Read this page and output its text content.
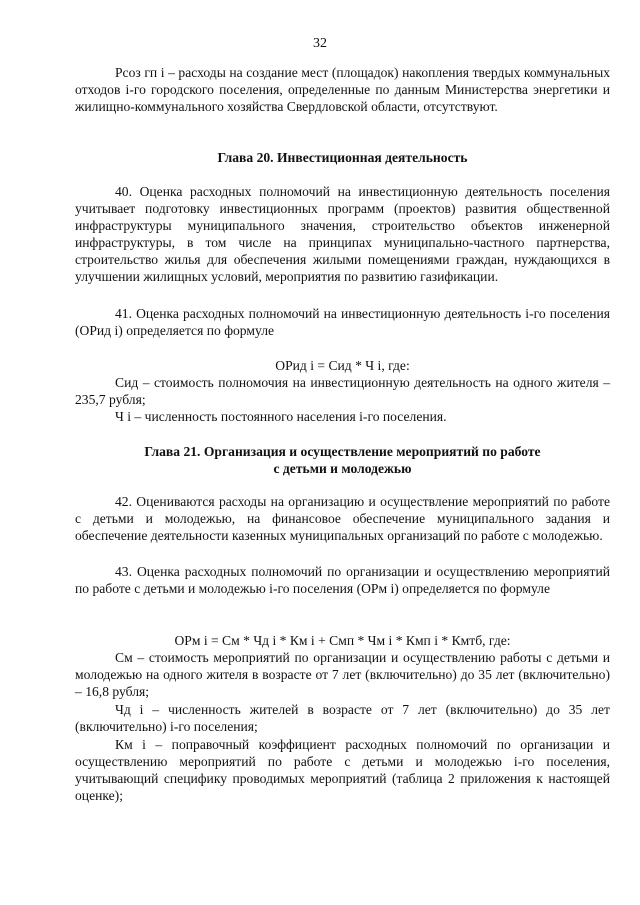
32
Рсоз гп i – расходы на создание мест (площадок) накопления твердых коммунальных отходов i-го городского поселения, определенные по данным Министерства энергетики и жилищно-коммунального хозяйства Свердловской области, отсутствуют.
Глава 20. Инвестиционная деятельность
40. Оценка расходных полномочий на инвестиционную деятельность поселения учитывает подготовку инвестиционных программ (проектов) развития общественной инфраструктуры муниципального значения, строительство объектов инженерной инфраструктуры, в том числе на принципах муниципально-частного партнерства, строительство жилья для обеспечения жилыми помещениями граждан, нуждающихся в улучшении жилищных условий, мероприятия по развитию газификации.
41. Оценка расходных полномочий на инвестиционную деятельность i-го поселения (ОРид i) определяется по формуле
ОРид i = Сид * Ч i, где:
Сид – стоимость полномочия на инвестиционную деятельность на одного жителя – 235,7 рубля;
Ч i – численность постоянного населения i-го поселения.
Глава 21. Организация и осуществление мероприятий по работе
с детьми и молодежью
42. Оцениваются расходы на организацию и осуществление мероприятий по работе с детьми и молодежью, на финансовое обеспечение муниципального задания и обеспечение деятельности казенных муниципальных организаций по работе с молодежью.
43. Оценка расходных полномочий по организации и осуществлению мероприятий по работе с детьми и молодежью i-го поселения (ОРм i) определяется по формуле
ОРм i = См * Чд i * Км i + Смп * Чм i * Кмп i * Кмтб, где:
См – стоимость мероприятий по организации и осуществлению работы с детьми и молодежью на одного жителя в возрасте от 7 лет (включительно) до 35 лет (включительно) – 16,8 рубля;
Чд i – численность жителей в возрасте от 7 лет (включительно) до 35 лет (включительно) i-го поселения;
Км i – поправочный коэффициент расходных полномочий по организации и осуществлению мероприятий по работе с детьми и молодежью i-го поселения, учитывающий специфику проводимых мероприятий (таблица 2 приложения к настоящей оценке);
